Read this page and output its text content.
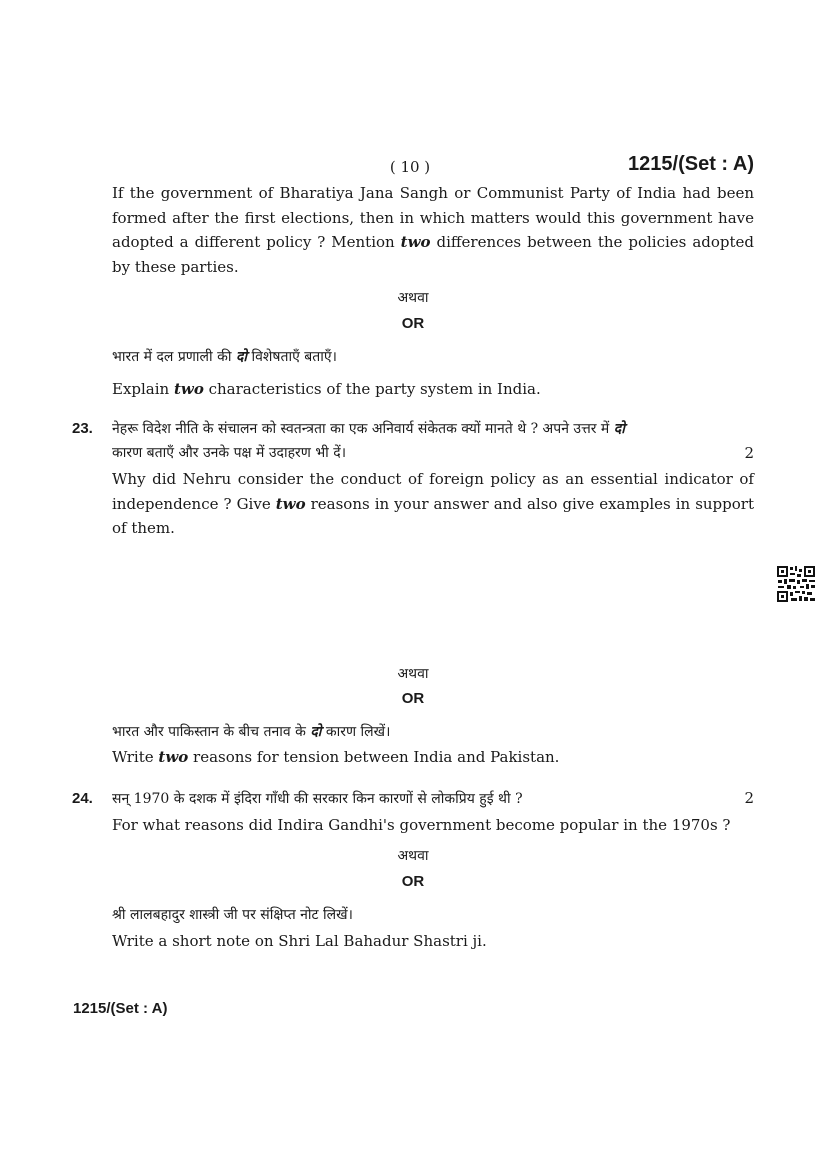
( 10 )	1215/(Set : A)
If the government of Bharatiya Jana Sangh or Communist Party of India had been formed after the first elections, then in which matters would this government have adopted a different policy ? Mention two differences between the policies adopted by these parties.
अथवा
OR
भारत में दल प्रणाली की दो विशेषताएँ बताएँ।
Explain two characteristics of the party system in India.
23. नेहरू विदेश नीति के संचालन को स्वतन्त्रता का एक अनिवार्य संकेतक क्यों मानते थे ? अपने उत्तर में दो
कारण बताएँ और उनके पक्ष में उदाहरण भी दें।	2
Why did Nehru consider the conduct of foreign policy as an essential indicator of independence ? Give two reasons in your answer and also give examples in support of them.
अथवा
OR
भारत और पाकिस्तान के बीच तनाव के दो कारण लिखें।
Write two reasons for tension between India and Pakistan.
24. सन् 1970 के दशक में इंदिरा गाँधी की सरकार किन कारणों से लोकप्रिय हुई थी ?	2
For what reasons did Indira Gandhi's government become popular in the 1970s ?
अथवा
OR
श्री लालबहादुर शास्त्री जी पर संक्षिप्त नोट लिखें।
Write a short note on Shri Lal Bahadur Shastri ji.
1215/(Set : A)
